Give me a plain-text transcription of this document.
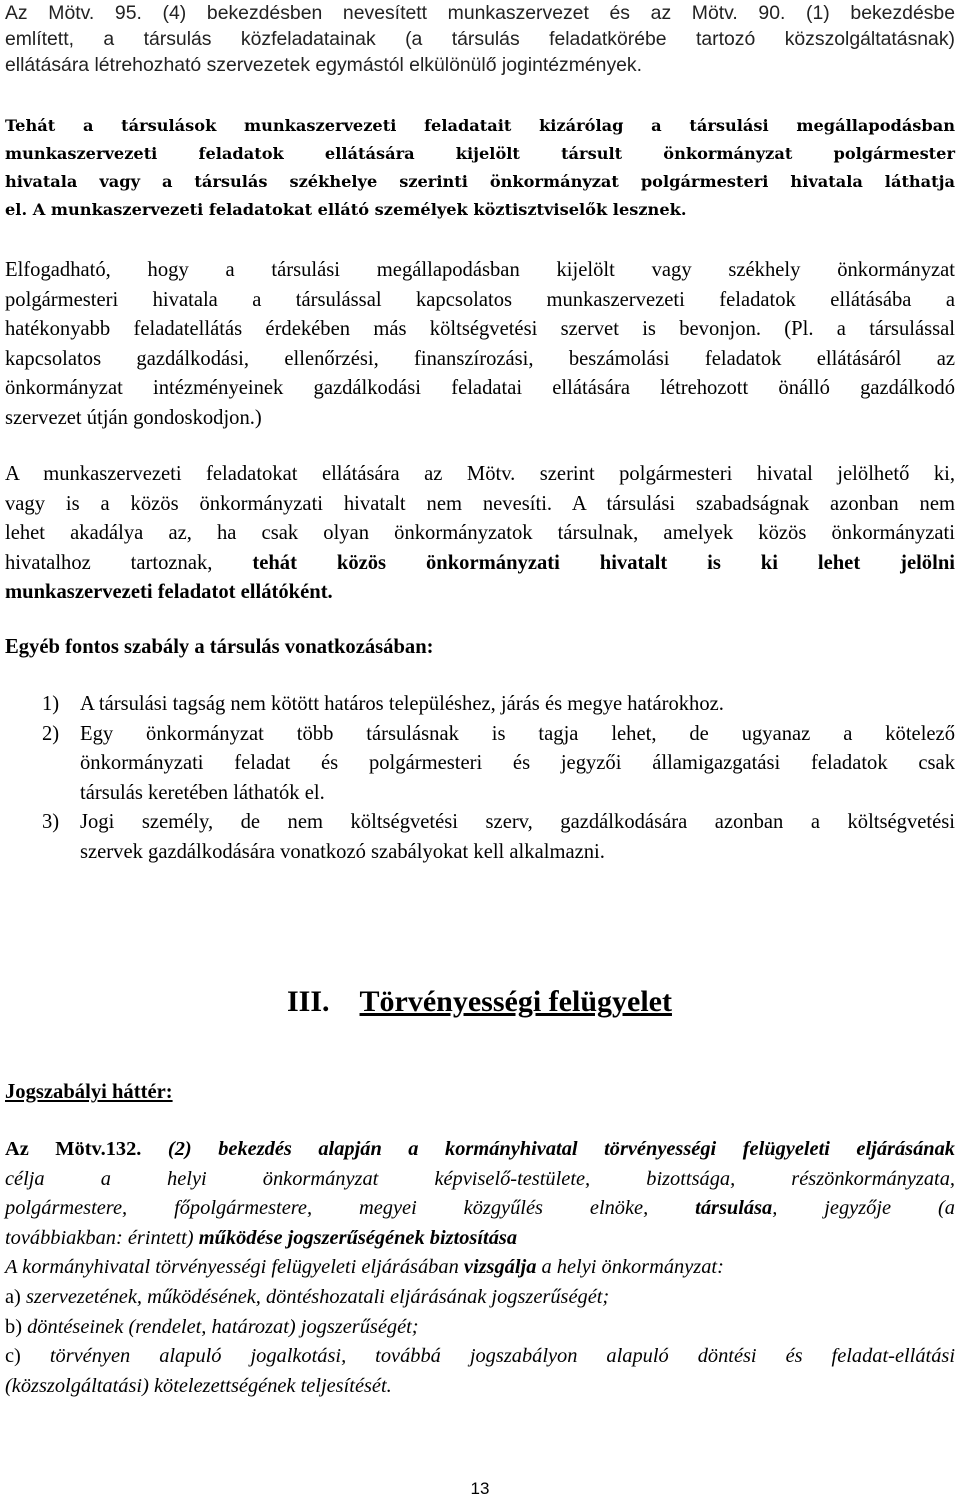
Az Mötv. 95. (4) bekezdésben nevesített munkaszervezet és az Mötv. 90. (1) bekezdésbe
említett, a társulás közfeladatainak (a társulás feladatkörébe tartozó közszolgáltatásnak)
ellátására létrehozható szervezetek egymástól elkülönülő jogintézmények.
Tehát a társulások munkaszervezeti feladatait kizárólag a társulási megállapodásban
munkaszervezeti feladatok ellátására kijelölt társult önkormányzat polgármester
hivatala vagy a társulás székhelye szerinti önkormányzat polgármesteri hivatala láthatja
el. A munkaszervezeti feladatokat ellátó személyek köztisztviselők lesznek.
Elfogadható, hogy a társulási megállapodásban kijelölt vagy székhely önkormányzat
polgármesteri hivatala a társulással kapcsolatos munkaszervezeti feladatok ellátásába a
hatékonyabb feladatellátás érdekében más költségvetési szervet is bevonjon. (Pl. a társulással
kapcsolatos gazdálkodási, ellenőrzési, finanszírozási, beszámolási feladatok ellátásáról az
önkormányzat intézményeinek gazdálkodási feladatai ellátására létrehozott önálló gazdálkodó
szervezet útján gondoskodjon.)
A munkaszervezeti feladatokat ellátására az Mötv. szerint polgármesteri hivatal jelölhető ki,
vagy is a közös önkormányzati hivatalt nem nevesíti. A társulási szabadságnak azonban nem
lehet akadálya az, ha csak olyan önkormányzatok társulnak, amelyek közös önkormányzati
hivatalhoz tartoznak, tehát közös önkormányzati hivatalt is ki lehet jelölni
munkaszervezeti feladatot ellátóként.
Egyéb fontos szabály a társulás vonatkozásában:
1) A társulási tagság nem kötött határos településhez, járás és megye határokhoz.
2) Egy önkormányzat több társulásnak is tagja lehet, de ugyanaz a kötelező
önkormányzati feladat és polgármesteri és jegyzői államigazgatási feladatok csak
társulás keretében láthatók el.
3) Jogi személy, de nem költségvetési szerv, gazdálkodására azonban a költségvetési
szervek gazdálkodására vonatkozó szabályokat kell alkalmazni.
III. Törvényességi felügyelet
Jogszabályi háttér:
Az Mötv.132. (2) bekezdés alapján a kormányhivatal törvényességi felügyeleti eljárásának
célja a helyi önkormányzat képviselő-testülete, bizottsága, részönkormányzata,
polgármestere, főpolgármestere, megyei közgyűlés elnöke, társulása, jegyzője (a
továbbiakban: érintett) működése jogszerűségének biztosítása
A kormányhivatal törvényességi felügyeleti eljárásában vizsgálja a helyi önkormányzat:
a) szervezetének, működésének, döntéshozatali eljárásának jogszerűségét;
b) döntéseinek (rendelet, határozat) jogszerűségét;
c) törvényen alapuló jogalkotási, továbbá jogszabályon alapuló döntési és feladat-ellátási
(közszolgáltatási) kötelezettségének teljesítését.
13
